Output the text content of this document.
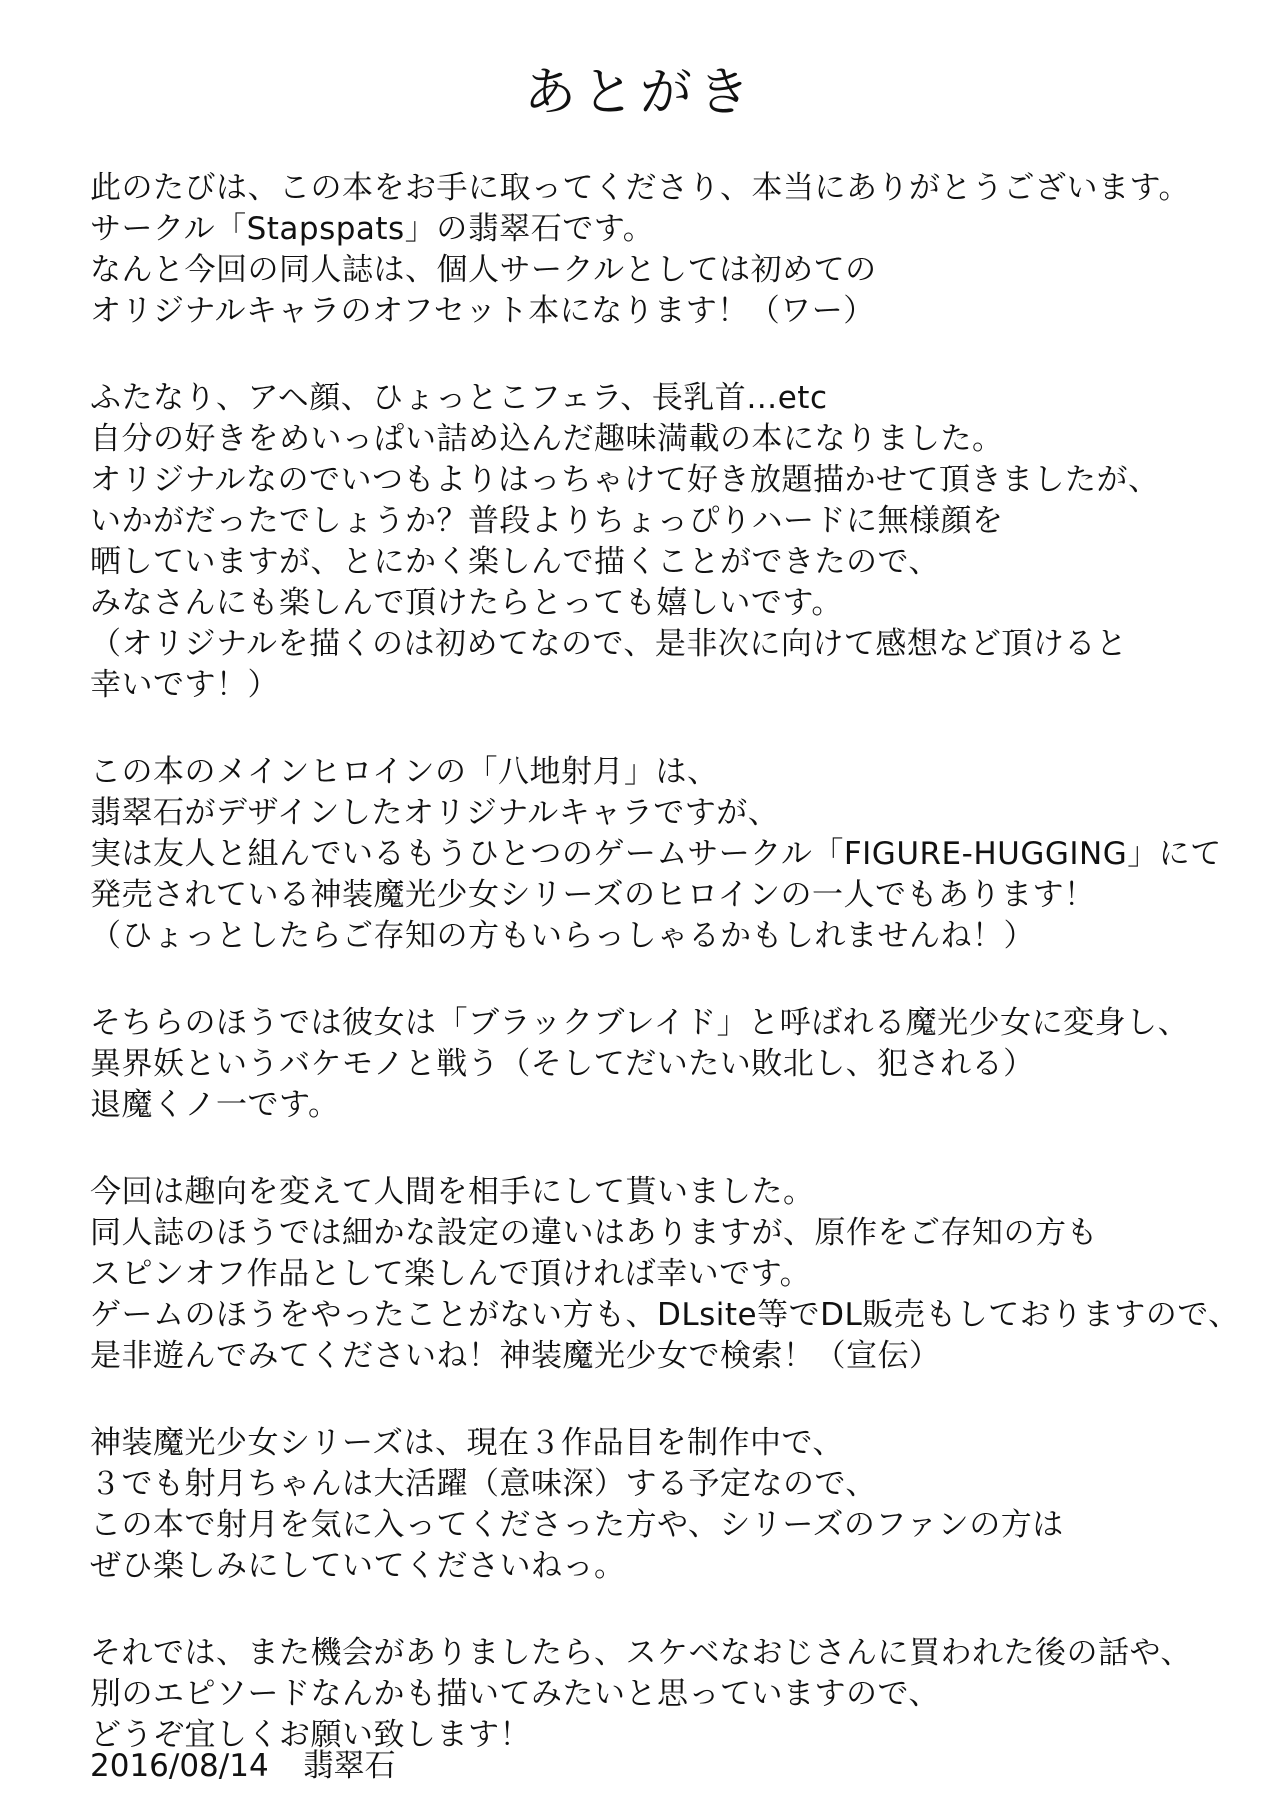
あとがき
此のたびは、この本をお手に取ってくださり、本当にありがとうございます。
サークル「Stapspats」の翡翠石です。
なんと今回の同人誌は、個人サークルとしては初めての
オリジナルキャラのオフセット本になります！（ワー）
ふたなり、アヘ顔、ひょっとこフェラ、長乳首…etc
自分の好きをめいっぱい詰め込んだ趣味満載の本になりました。
オリジナルなのでいつもよりはっちゃけて好き放題描かせて頂きましたが、
いかがだったでしょうか？普段よりちょっぴりハードに無様顔を
晒していますが、とにかく楽しんで描くことができたので、
みなさんにも楽しんで頂けたらとっても嬉しいです。
（オリジナルを描くのは初めてなので、是非次に向けて感想など頂けると
幸いです！）
この本のメインヒロインの「八地射月」は、
翡翠石がデザインしたオリジナルキャラですが、
実は友人と組んでいるもうひとつのゲームサークル「FIGURE-HUGGING」にて
発売されている神装魔光少女シリーズのヒロインの一人でもあります！
（ひょっとしたらご存知の方もいらっしゃるかもしれませんね！）
そちらのほうでは彼女は「ブラックブレイド」と呼ばれる魔光少女に変身し、
異界妖というバケモノと戦う（そしてだいたい敗北し、犯される）
退魔くノ一です。
今回は趣向を変えて人間を相手にして貰いました。
同人誌のほうでは細かな設定の違いはありますが、原作をご存知の方も
スピンオフ作品として楽しんで頂ければ幸いです。
ゲームのほうをやったことがない方も、DLsite等でDL販売もしておりますので、
是非遊んでみてくださいね！神装魔光少女で検索！（宣伝）
神装魔光少女シリーズは、現在３作品目を制作中で、
３でも射月ちゃんは大活躍（意味深）する予定なので、
この本で射月を気に入ってくださった方や、シリーズのファンの方は
ぜひ楽しみにしていてくださいねっ。
それでは、また機会がありましたら、スケベなおじさんに買われた後の話や、
別のエピソードなんかも描いてみたいと思っていますので、
どうぞ宜しくお願い致します！
2016/08/14 翡翠石
